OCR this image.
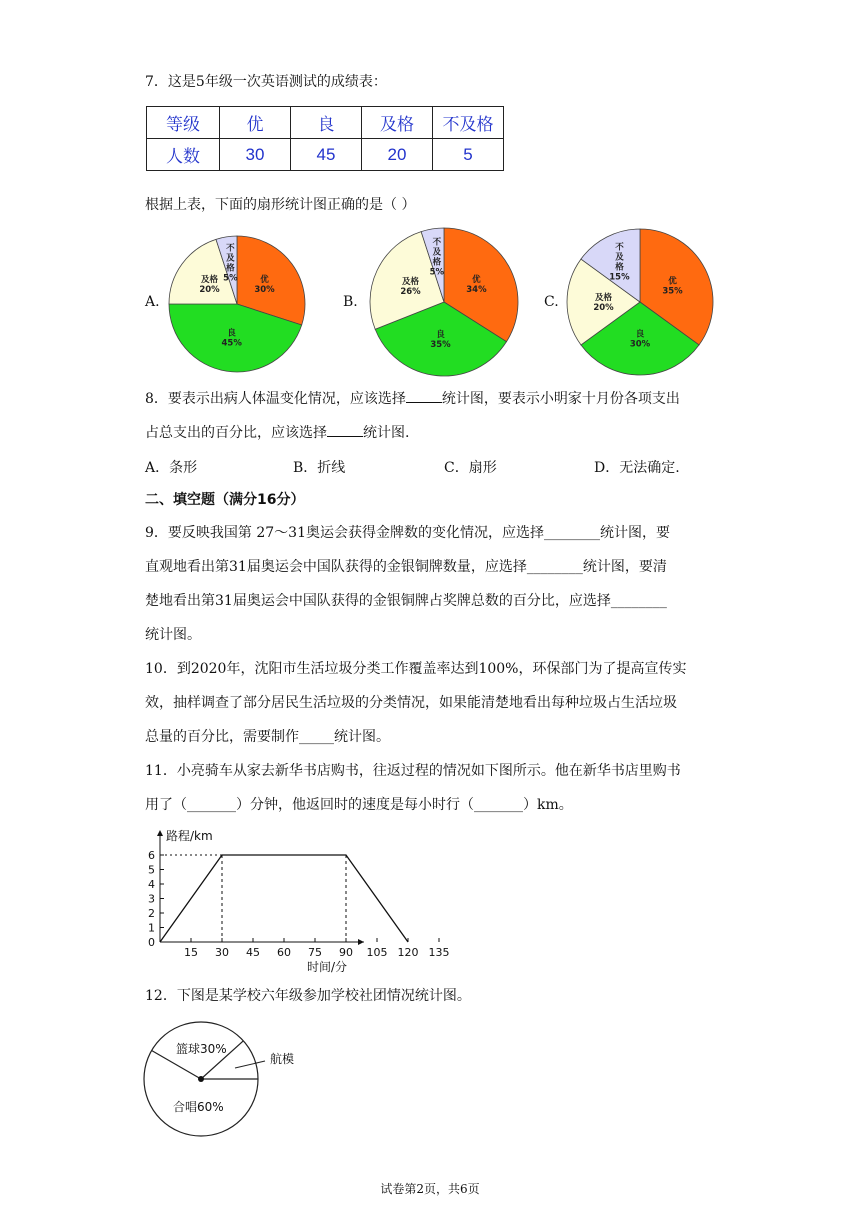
7．这是5年级一次英语测试的成绩表：
等级	优	良	及格	不及格
人数	30	45	20	5
根据上表，下面的扇形统计图正确的是（ ）
A.	B.	C.
优
30%
良
45%
及格
20%
不
及
格
5%	优
34%
良
35%
及格
26%
不
及
格
5%
优
35%
良
30%
及格
20%
不
及
格
15%
8．要表示出病人体温变化情况，应该选择	统计图，要表示小明家十月份各项支出
占总支出的百分比，应该选择	统计图.
A．条形	B．折线	C．扇形	D．无法确定.
二、填空题（满分16分）
9．要反映我国第 27～31奥运会获得金牌数的变化情况，应选择________统计图，要
直观地看出第31届奥运会中国队获得的金银铜牌数量，应选择________统计图，要清
楚地看出第31届奥运会中国队获得的金银铜牌占奖牌总数的百分比，应选择________
统计图。
10．到2020年，沈阳市生活垃圾分类工作覆盖率达到100%，环保部门为了提高宣传实
效，抽样调查了部分居民生活垃圾的分类情况，如果能清楚地看出每种垃圾占生活垃圾
总量的百分比，需要制作_____统计图。
11．小亮骑车从家去新华书店购书，往返过程的情况如下图所示。他在新华书店里购书
用了（_______）分钟，他返回时的速度是每小时行（_______）km。
0
1
2
3
4
5
6
15 30 45 60 75 90 105 120 135
路程/km
时间/分
12．下图是某学校六年级参加学校社团情况统计图。
篮球30%
航模
合唱60%
试卷第2页，共6页
